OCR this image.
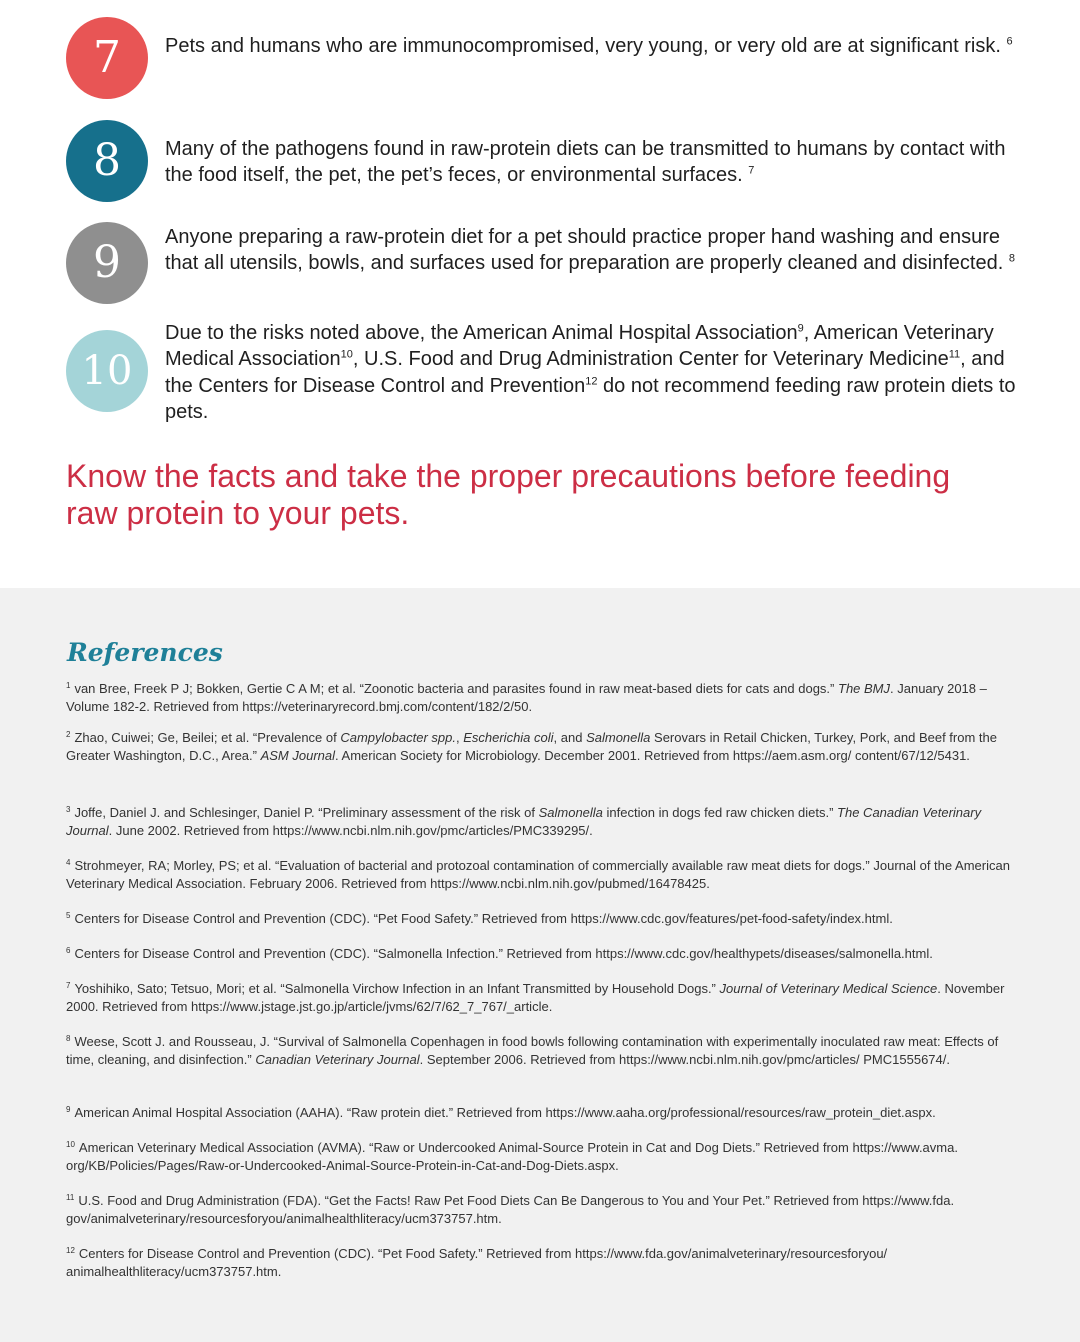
7	Pets and humans who are immunocompromised, very young, or very old are at significant risk. $^6$
8	Many of the pathogens found in raw-protein diets can be transmitted to humans by contact with the food itself, the pet, the pet’s feces, or environmental surfaces. $^7$
9	Anyone preparing a raw-protein diet for a pet should practice proper hand washing and ensure that all utensils, bowls, and surfaces used for preparation are properly cleaned and disinfected. $^8$
10
Due to the risks noted above, the American Animal Hospital Association$^9$, American Veterinary Medical Association$^{10}$, U.S. Food and Drug Administration Center for Veterinary Medicine$^{11}$, and the Centers for Disease Control and Prevention$^{12}$ do not recommend feeding raw protein diets to pets.
Know the facts and take the proper precautions before feeding raw protein to your pets.
References
$^1$ van Bree, Freek P J; Bokken, Gertie C A M; et al. “Zoonotic bacteria and parasites found in raw meat-based diets for cats and dogs.” The BMJ. January 2018 – Volume 182-2. Retrieved from https://veterinaryrecord.bmj.com/content/182/2/50.
$^2$ Zhao, Cuiwei; Ge, Beilei; et al. “Prevalence of Campylobacter spp., Escherichia coli, and Salmonella Serovars in Retail Chicken, Turkey, Pork, and Beef from the Greater Washington, D.C., Area.” ASM Journal. American Society for Microbiology. December 2001. Retrieved from https://aem.asm.org/ content/67/12/5431.
$^3$ Joffe, Daniel J. and Schlesinger, Daniel P. “Preliminary assessment of the risk of Salmonella infection in dogs fed raw chicken diets.” The Canadian Veterinary Journal. June 2002. Retrieved from https://www.ncbi.nlm.nih.gov/pmc/articles/PMC339295/.
$^4$ Strohmeyer, RA; Morley, PS; et al. “Evaluation of bacterial and protozoal contamination of commercially available raw meat diets for dogs.” Journal of the American Veterinary Medical Association. February 2006. Retrieved from https://www.ncbi.nlm.nih.gov/pubmed/16478425.
$^5$ Centers for Disease Control and Prevention (CDC). “Pet Food Safety.” Retrieved from https://www.cdc.gov/features/pet-food-safety/index.html.
$^6$ Centers for Disease Control and Prevention (CDC). “Salmonella Infection.” Retrieved from https://www.cdc.gov/healthypets/diseases/salmonella.html.
$^7$ Yoshihiko, Sato; Tetsuo, Mori; et al. “Salmonella Virchow Infection in an Infant Transmitted by Household Dogs.” Journal of Veterinary Medical Science. November 2000. Retrieved from https://www.jstage.jst.go.jp/article/jvms/62/7/62_7_767/_article.
$^8$ Weese, Scott J. and Rousseau, J. “Survival of Salmonella Copenhagen in food bowls following contamination with experimentally inoculated raw meat: Effects of time, cleaning, and disinfection.” Canadian Veterinary Journal. September 2006. Retrieved from https://www.ncbi.nlm.nih.gov/pmc/articles/ PMC1555674/.
$^9$ American Animal Hospital Association (AAHA). “Raw protein diet.” Retrieved from https://www.aaha.org/professional/resources/raw_protein_diet.aspx.
$^{10}$ American Veterinary Medical Association (AVMA). “Raw or Undercooked Animal-Source Protein in Cat and Dog Diets.” Retrieved from https://www.avma. org/KB/Policies/Pages/Raw-or-Undercooked-Animal-Source-Protein-in-Cat-and-Dog-Diets.aspx.
$^{11}$ U.S. Food and Drug Administration (FDA). “Get the Facts! Raw Pet Food Diets Can Be Dangerous to You and Your Pet.” Retrieved from https://www.fda. gov/animalveterinary/resourcesforyou/animalhealthliteracy/ucm373757.htm.
$^{12}$ Centers for Disease Control and Prevention (CDC). “Pet Food Safety.” Retrieved from https://www.fda.gov/animalveterinary/resourcesforyou/ animalhealthliteracy/ucm373757.htm.
